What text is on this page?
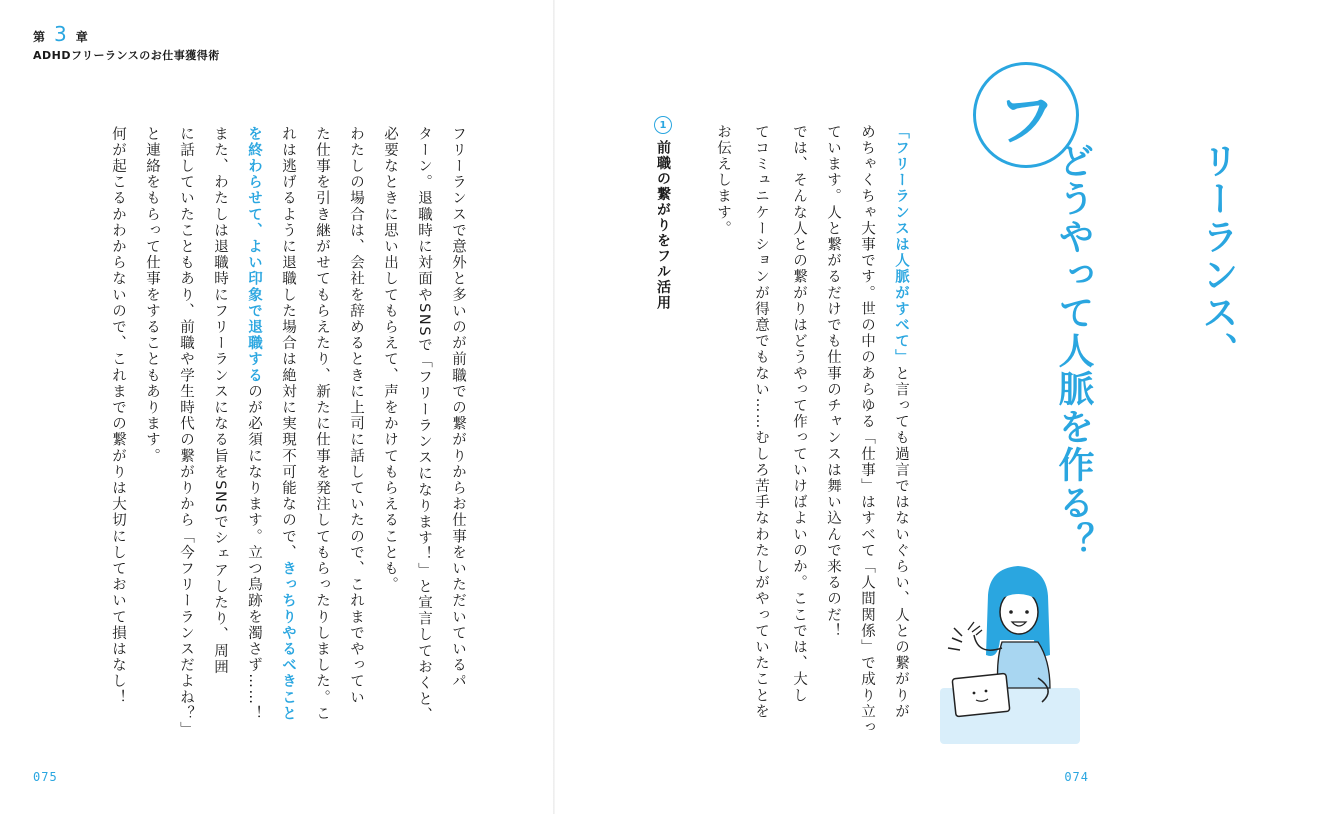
第 3 章
ADHDフリーランスのお仕事獲得術
何が起こるかわからないので、これまでの繋がりは大切にしておいて損はなし！ と連絡をもらって仕事をすることもあります。 に話していたこともあり、前職や学生時代の繋がりから「今フリーランスだよね？」 また、わたしは退職時にフリーランスになる旨をSNSでシェアしたり、周囲 を終わらせて、よい印象で退職するのが必須になります。立つ鳥跡を濁さず……！ れは逃げるように退職した場合は絶対に実現不可能なので、きっちりやるべきこと た仕事を引き継がせてもらえたり、新たに仕事を発注してもらったりしました。こ わたしの場合は、会社を辞めるときに上司に話していたので、これまでやってい 必要なときに思い出してもらえて、声をかけてもらえることも。 ターン。退職時に対面やSNSで「フリーランスになります！」と宣言しておくと、 フリーランスで意外と多いのが前職での繋がりからお仕事をいただいているパ
075
フ

リーランス、

どうやって人脈を作る？

お伝えします。 てコミュニケーションが得意でもない……むしろ苦手なわたしがやっていたことを では、そんな人との繋がりはどうやって作っていけばよいのか。ここでは、大し ています。人と繋がるだけでも仕事のチャンスは舞い込んで来るのだ！ めちゃくちゃ大事です。世の中のあらゆる「仕事」はすべて「人間関係」で成り立っ 「フリーランスは人脈がすべて」と言っても過言ではないぐらい、人との繋がりが
1
前職の繋がりをフル活用
074
